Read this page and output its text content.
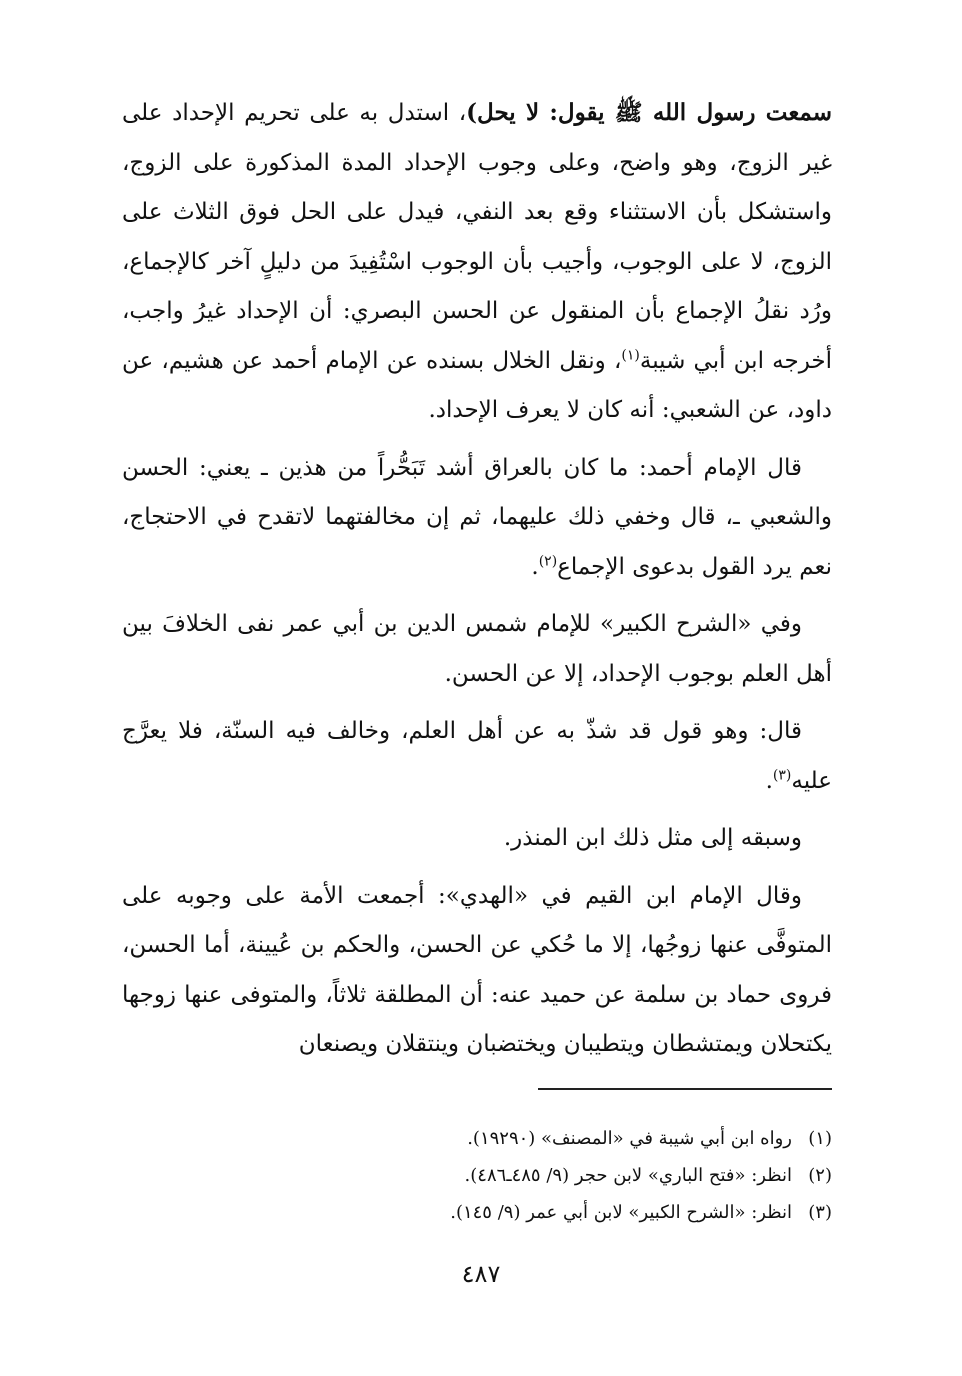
سمعت رسول الله ﷺ يقول: لا يحل)، استدل به على تحريم الإحداد على غير الزوج، وهو واضح، وعلى وجوب الإحداد المدة المذكورة على الزوج، واستشكل بأن الاستثناء وقع بعد النفي، فيدل على الحل فوق الثلاث على الزوج، لا على الوجوب، وأجيب بأن الوجوب اسْتُفِيدَ من دليلٍ آخر كالإجماع، ورُد نقلُ الإجماع بأن المنقول عن الحسن البصري: أن الإحداد غيرُ واجب، أخرجه ابن أبي شيبة$^{(١)}$، ونقل الخلال بسنده عن الإمام أحمد عن هشيم، عن داود، عن الشعبي: أنه كان لا يعرف الإحداد.

قال الإمام أحمد: ما كان بالعراق أشد تَبَحُّراً من هذين ـ يعني: الحسن والشعبي ـ، قال وخفي ذلك عليهما، ثم إن مخالفتهما لاتقدح في الاحتجاج، نعم يرد القول بدعوى الإجماع$^{(٢)}$.

وفي «الشرح الكبير» للإمام شمس الدين بن أبي عمر نفى الخلافَ بين أهل العلم بوجوب الإحداد، إلا عن الحسن.

قال: وهو قول قد شذّ به عن أهل العلم، وخالف فيه السنّة، فلا يعرَّج عليه$^{(٣)}$.

وسبقه إلى مثل ذلك ابن المنذر.

وقال الإمام ابن القيم في «الهدي»: أجمعت الأمة على وجوبه على المتوفَّى عنها زوجُها، إلا ما حُكي عن الحسن، والحكم بن عُيينة، أما الحسن، فروى حماد بن سلمة عن حميد عنه: أن المطلقة ثلاثاً، والمتوفى عنها زوجها يكتحلان ويمتشطان ويتطيبان ويختضبان وينتقلان ويصنعان

(١)
رواه ابن أبي شيبة في «المصنف» (١٩٢٩٠).
(٢)
انظر: «فتح الباري» لابن حجر (٩/ ٤٨٥ـ٤٨٦).
(٣)
انظر: «الشرح الكبير» لابن أبي عمر (٩/ ١٤٥).
٤٨٧
